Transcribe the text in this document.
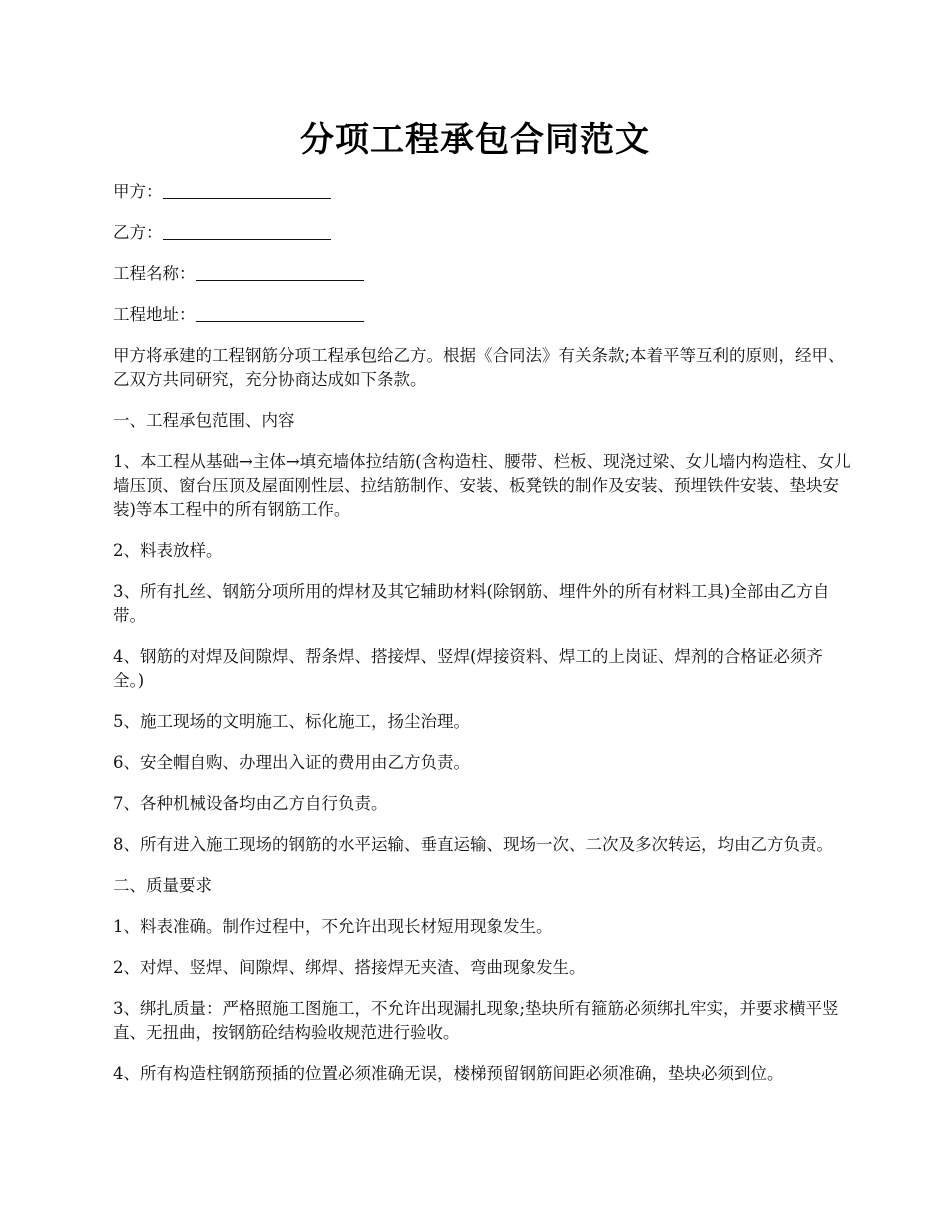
分项工程承包合同范文

甲方：

乙方：

工程名称：

工程地址：

甲方将承建的工程钢筋分项工程承包给乙方。根据《合同法》有关条款;本着平等互利的原则，经甲、乙双方共同研究，充分协商达成如下条款。

一、工程承包范围、内容

1、本工程从基础→主体→填充墙体拉结筋(含构造柱、腰带、栏板、现浇过梁、女儿墙内构造柱、女儿墙压顶、窗台压顶及屋面刚性层、拉结筋制作、安装、板凳铁的制作及安装、预埋铁件安装、垫块安装)等本工程中的所有钢筋工作。

2、料表放样。

3、所有扎丝、钢筋分项所用的焊材及其它辅助材料(除钢筋、埋件外的所有材料工具)全部由乙方自带。

4、钢筋的对焊及间隙焊、帮条焊、搭接焊、竖焊(焊接资料、焊工的上岗证、焊剂的合格证必须齐全。)

5、施工现场的文明施工、标化施工，扬尘治理。

6、安全帽自购、办理出入证的费用由乙方负责。

7、各种机械设备均由乙方自行负责。

8、所有进入施工现场的钢筋的水平运输、垂直运输、现场一次、二次及多次转运，均由乙方负责。

二、质量要求

1、料表准确。制作过程中，不允许出现长材短用现象发生。

2、对焊、竖焊、间隙焊、绑焊、搭接焊无夹渣、弯曲现象发生。

3、绑扎质量：严格照施工图施工，不允许出现漏扎现象;垫块所有箍筋必须绑扎牢实，并要求横平竖直、无扭曲，按钢筋砼结构验收规范进行验收。

4、所有构造柱钢筋预插的位置必须准确无误，楼梯预留钢筋间距必须准确，垫块必须到位。
